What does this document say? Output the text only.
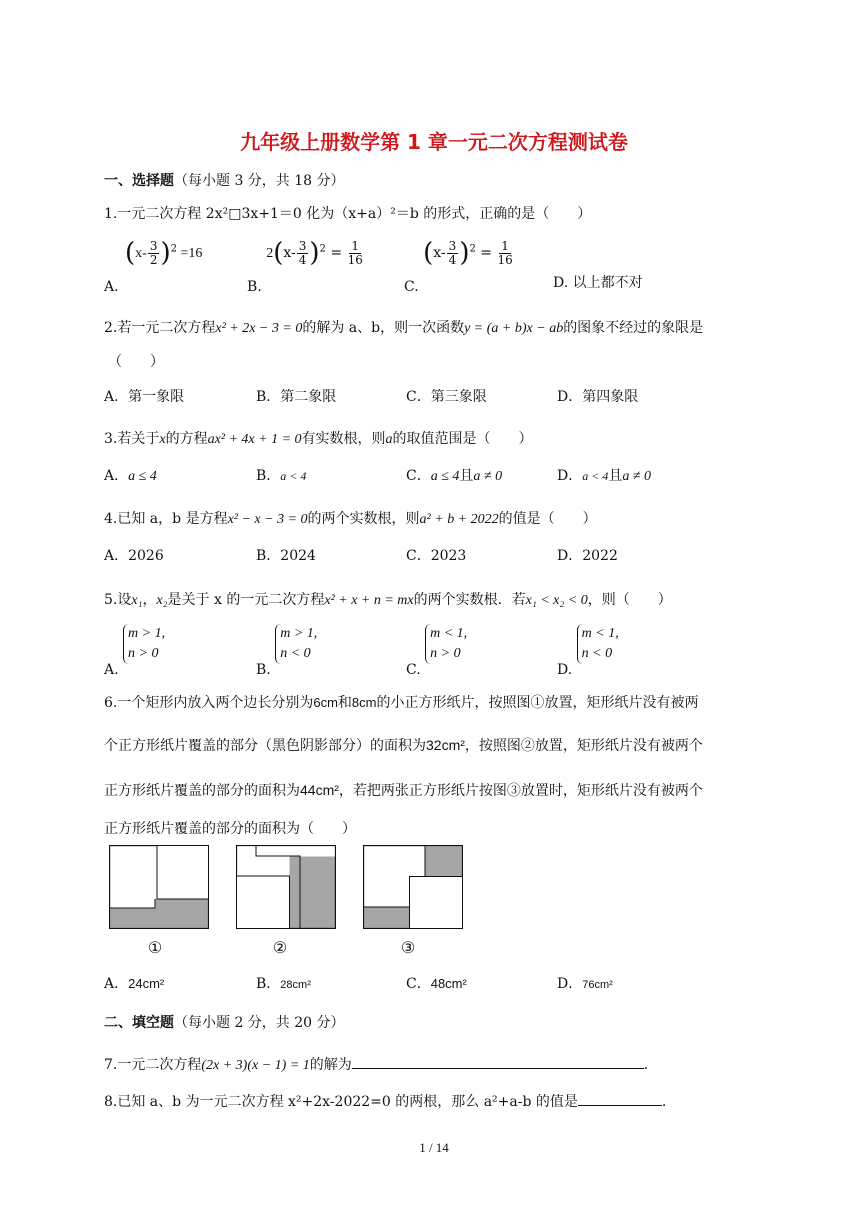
九年级上册数学第 1 章一元二次方程测试卷
一、选择题（每小题 3 分，共 18 分）
1.一元二次方程 2x²□3x+1＝0 化为（x+a）²＝b 的形式，正确的是（　　）
A. $(x- \frac{3}{2} )^2 =16$
B. $2(x- \frac{3}{4} )^2 = \frac{1}{16}$
C. $(x- \frac{3}{4} )^2 = \frac{1}{16}$
D. 以上都不对
2.若一元二次方程x² + 2x − 3 = 0的解为 a、b，则一次函数y = (a + b)x − ab的图象不经过的象限是
（　　）
A．第一象限	B．第二象限	C．第三象限	D．第四象限
3.若关于x的方程ax² + 4x + 1 = 0有实数根，则a的取值范围是（　　）
A．a ≤ 4	B．a < 4	C．a ≤ 4且a ≠ 0	D．a < 4且a ≠ 0
4.已知 a，b 是方程x² − x − 3 = 0的两个实数根，则a² + b + 2022的值是（　　）
A．2026	B．2024	C．2023	D．2022
5.设x₁，x₂是关于 x 的一元二次方程x² + x + n = mx的两个实数根．若x₁ < x₂ < 0，则（　　）
A. m > 1,
n > 0
B. m > 1,
n < 0
C. m < 1,
n > 0
D. m < 1,
n < 0
6.一个矩形内放入两个边长分别为6cm和8cm的小正方形纸片，按照图①放置，矩形纸片没有被两
个正方形纸片覆盖的部分（黑色阴影部分）的面积为32cm²，按照图②放置，矩形纸片没有被两个
正方形纸片覆盖的部分的面积为44cm²，若把两张正方形纸片按图③放置时，矩形纸片没有被两个
正方形纸片覆盖的部分的面积为（　　）
①	②	③
A．24cm²	B．28cm²	C．48cm²	D．76cm²
二、填空题（每小题 2 分，共 20 分）
7.一元二次方程(2x + 3)(x − 1) = 1的解为	.
8.已知 a、b 为一元二次方程 x²+2x-2022=0 的两根，那么 a²+a-b 的值是	.
1 / 14
